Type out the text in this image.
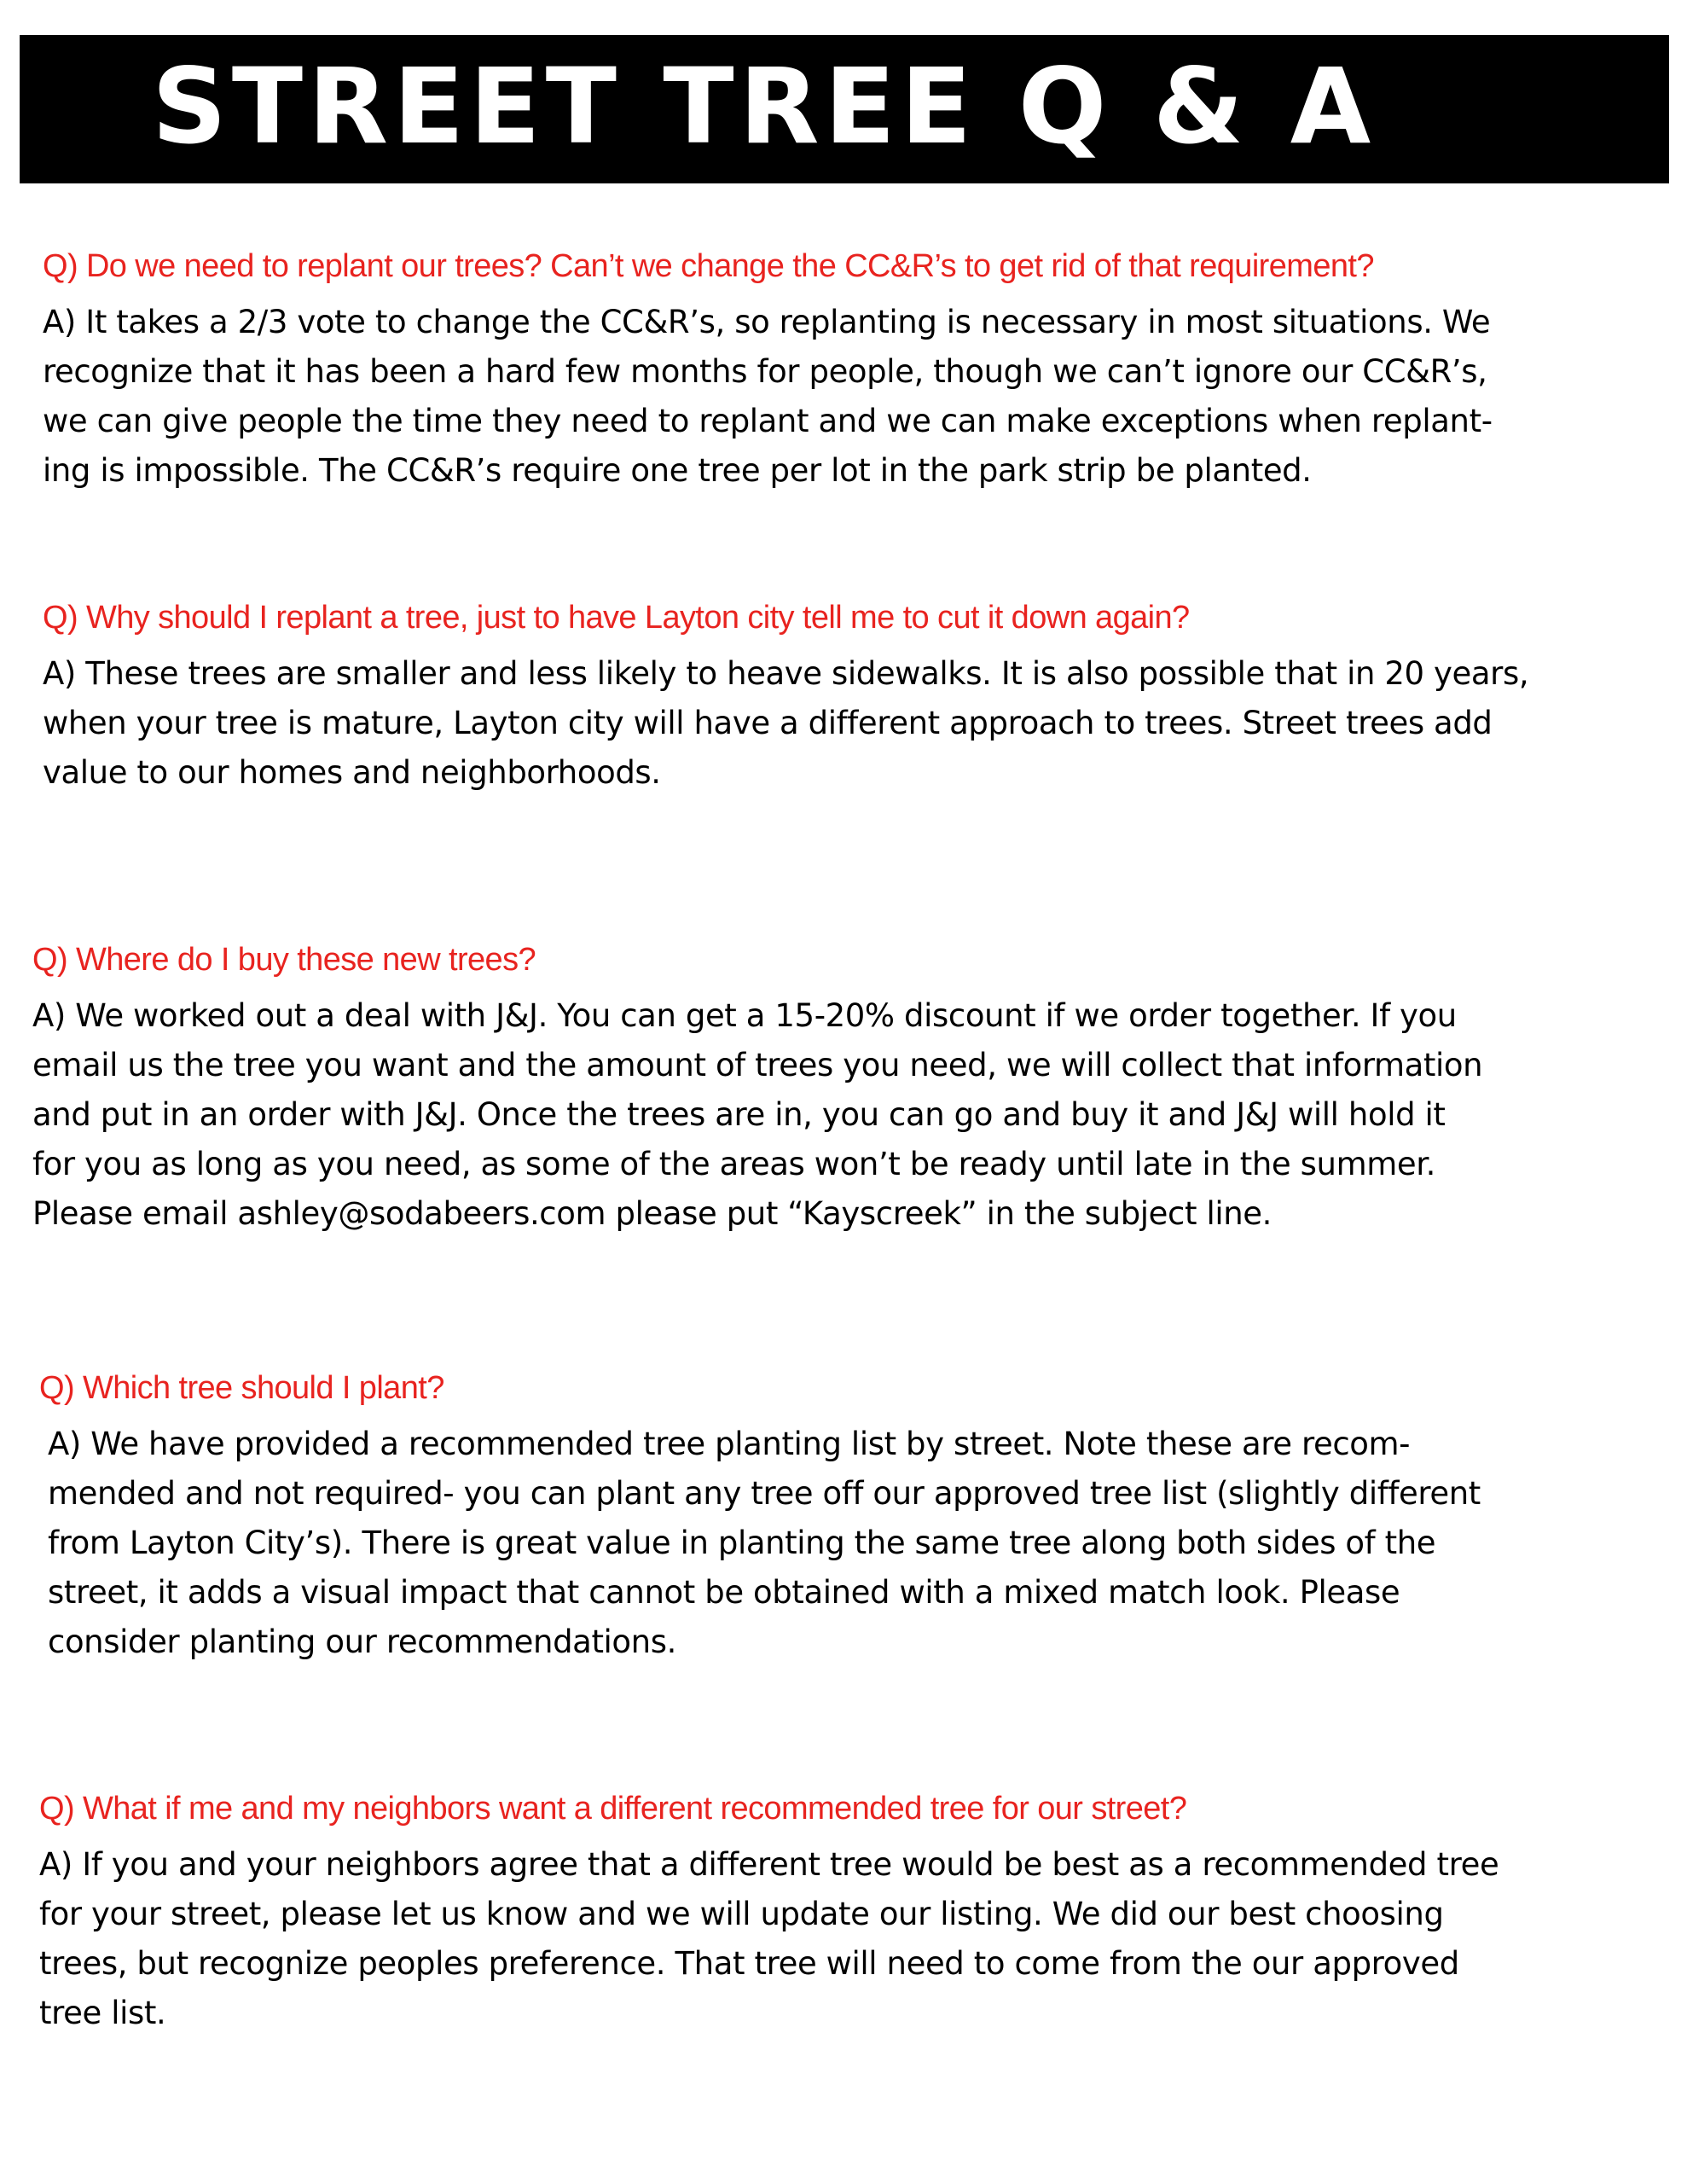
STREET TREE Q & A

Q) Do we need to replant our trees? Can’t we change the CC&R’s to get rid of that requirement?

A) It takes a 2/3 vote to change the CC&R’s, so replanting is necessary in most situations. We
recognize that it has been a hard few months for people, though we can’t ignore our CC&R’s,
we can give people the time they need to replant and we can make exceptions when replant-
ing is impossible. The CC&R’s require one tree per lot in the park strip be planted.

Q) Why should I replant a tree, just to have Layton city tell me to cut it down again?

A) These trees are smaller and less likely to heave sidewalks. It is also possible that in 20 years,
when your tree is mature, Layton city will have a different approach to trees. Street trees add
value to our homes and neighborhoods.

Q) Where do I buy these new trees?

A) We worked out a deal with J&J. You can get a 15-20% discount if we order together. If you
email us the tree you want and the amount of trees you need, we will collect that information
and put in an order with J&J. Once the trees are in, you can go and buy it and J&J will hold it
for you as long as you need, as some of the areas won’t be ready until late in the summer.
Please email ashley@sodabeers.com please put “Kayscreek” in the subject line.

Q) Which tree should I plant?

A) We have provided a recommended tree planting list by street. Note these are recom-
mended and not required- you can plant any tree off our approved tree list (slightly different
from Layton City’s). There is great value in planting the same tree along both sides of the
street, it adds a visual impact that cannot be obtained with a mixed match look. Please
consider planting our recommendations.

Q) What if me and my neighbors want a different recommended tree for our street?

A) If you and your neighbors agree that a different tree would be best as a recommended tree
for your street, please let us know and we will update our listing. We did our best choosing
trees, but recognize peoples preference. That tree will need to come from the our approved
tree list.
